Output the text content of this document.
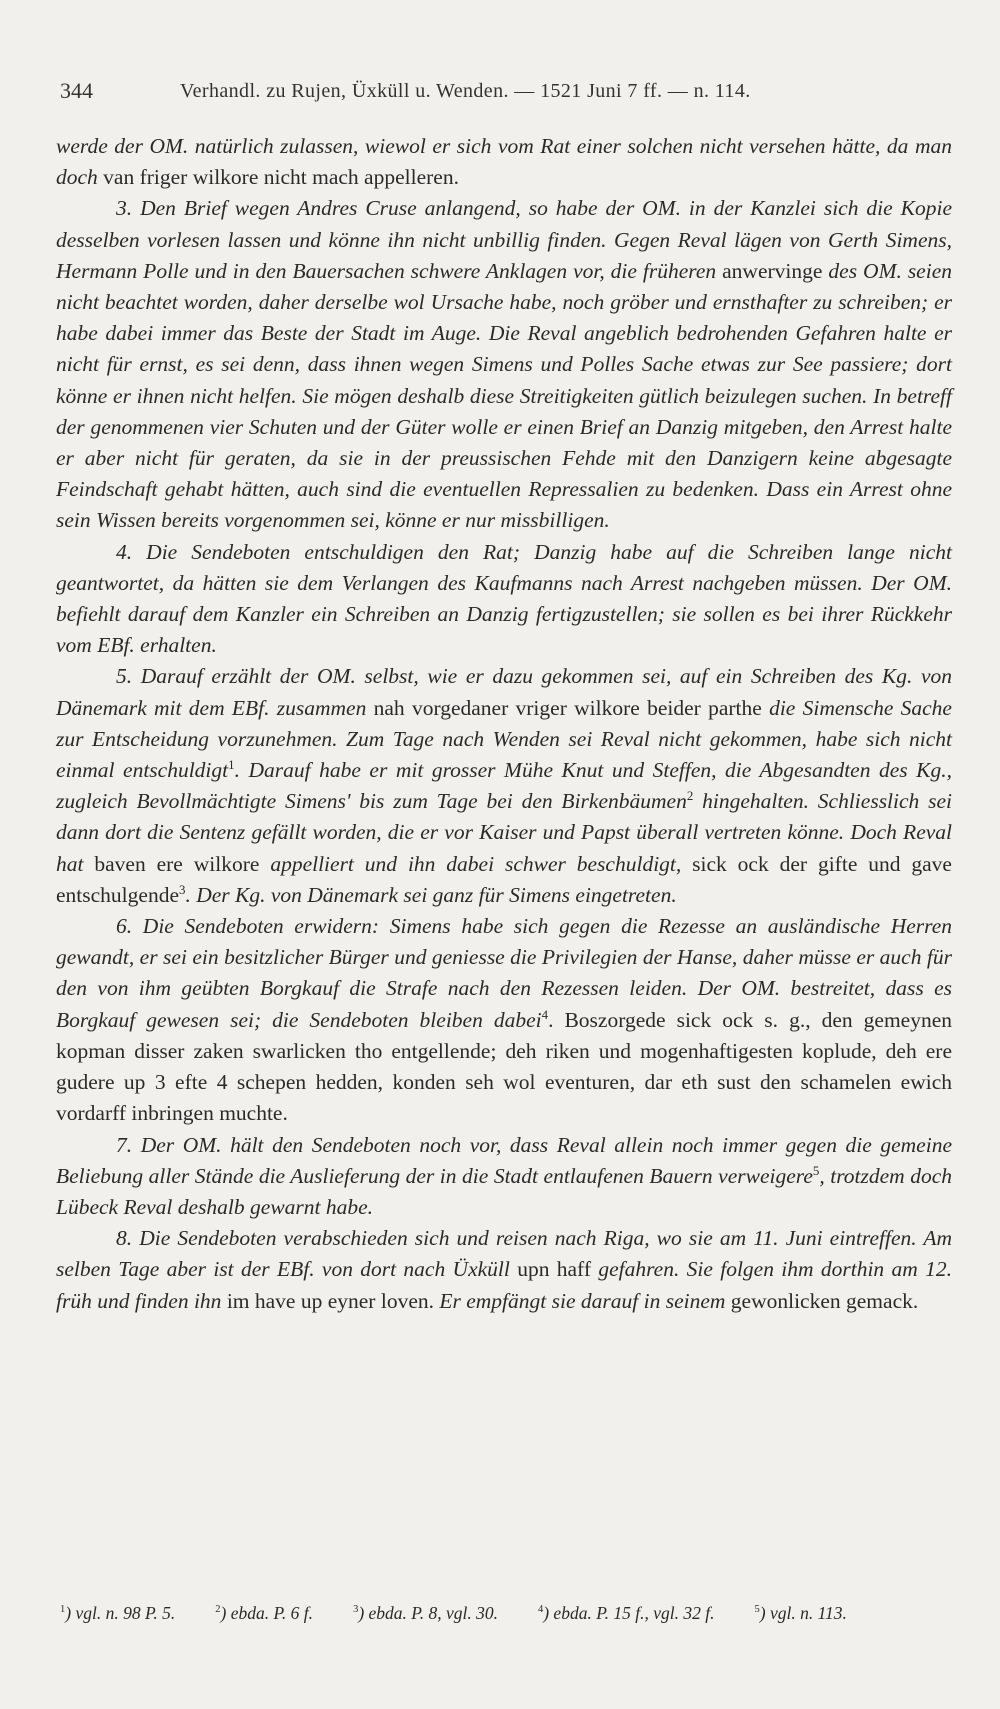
344	Verhandl. zu Rujen, Üxküll u. Wenden. — 1521 Juni 7 ff. — n. 114.

werde der OM. natürlich zulassen, wiewol er sich vom Rat einer solchen nicht versehen hätte, da man doch van friger wilkore nicht mach appelleren.

3. Den Brief wegen Andres Cruse anlangend, so habe der OM. in der Kanzlei sich die Kopie desselben vorlesen lassen und könne ihn nicht unbillig finden. Gegen Reval lägen von Gerth Simens, Hermann Polle und in den Bauersachen schwere Anklagen vor, die früheren anwervinge des OM. seien nicht beachtet worden, daher derselbe wol Ursache habe, noch gröber und ernsthafter zu schreiben; er habe dabei immer das Beste der Stadt im Auge. Die Reval angeblich bedrohenden Gefahren halte er nicht für ernst, es sei denn, dass ihnen wegen Simens und Polles Sache etwas zur See passiere; dort könne er ihnen nicht helfen. Sie mögen deshalb diese Streitigkeiten gütlich beizulegen suchen. In betreff der genommenen vier Schuten und der Güter wolle er einen Brief an Danzig mitgeben, den Arrest halte er aber nicht für geraten, da sie in der preussischen Fehde mit den Danzigern keine abgesagte Feindschaft gehabt hätten, auch sind die eventuellen Repressalien zu bedenken. Dass ein Arrest ohne sein Wissen bereits vorgenommen sei, könne er nur missbilligen.

4. Die Sendeboten entschuldigen den Rat; Danzig habe auf die Schreiben lange nicht geantwortet, da hätten sie dem Verlangen des Kaufmanns nach Arrest nachgeben müssen. Der OM. befiehlt darauf dem Kanzler ein Schreiben an Danzig fertigzustellen; sie sollen es bei ihrer Rückkehr vom EBf. erhalten.

5. Darauf erzählt der OM. selbst, wie er dazu gekommen sei, auf ein Schreiben des Kg. von Dänemark mit dem EBf. zusammen nah vorgedaner vriger wilkore beider parthe die Simensche Sache zur Entscheidung vorzunehmen. Zum Tage nach Wenden sei Reval nicht gekommen, habe sich nicht einmal entschuldigt$^1$. Darauf habe er mit grosser Mühe Knut und Steffen, die Abgesandten des Kg., zugleich Bevollmächtigte Simens' bis zum Tage bei den Birkenbäumen$^2$ hingehalten. Schliesslich sei dann dort die Sentenz gefällt worden, die er vor Kaiser und Papst überall vertreten könne. Doch Reval hat baven ere wilkore appelliert und ihn dabei schwer beschuldigt, sick ock der gifte und gave entschulgende$^3$. Der Kg. von Dänemark sei ganz für Simens eingetreten.

6. Die Sendeboten erwidern: Simens habe sich gegen die Rezesse an ausländische Herren gewandt, er sei ein besitzlicher Bürger und geniesse die Privilegien der Hanse, daher müsse er auch für den von ihm geübten Borgkauf die Strafe nach den Rezessen leiden. Der OM. bestreitet, dass es Borgkauf gewesen sei; die Sendeboten bleiben dabei$^4$. Boszorgede sick ock s. g., den gemeynen kopman disser zaken swarlicken tho entgellende; deh riken und mogenhaftigesten koplude, deh ere gudere up 3 efte 4 schepen hedden, konden seh wol eventuren, dar eth sust den schamelen ewich vordarff inbringen muchte.

7. Der OM. hält den Sendeboten noch vor, dass Reval allein noch immer gegen die gemeine Beliebung aller Stände die Auslieferung der in die Stadt entlaufenen Bauern verweigere$^5$, trotzdem doch Lübeck Reval deshalb gewarnt habe.

8. Die Sendeboten verabschieden sich und reisen nach Riga, wo sie am 11. Juni eintreffen. Am selben Tage aber ist der EBf. von dort nach Üxküll upn haff gefahren. Sie folgen ihm dorthin am 12. früh und finden ihn im have up eyner loven. Er empfängt sie darauf in seinem gewonlicken gemack.

$^1$) vgl. n. 98 P. 5.	$^2$) ebda. P. 6 f.	$^3$) ebda. P. 8, vgl. 30.	$^4$) ebda. P. 15 f., vgl. 32 f.	$^5$) vgl. n. 113.
